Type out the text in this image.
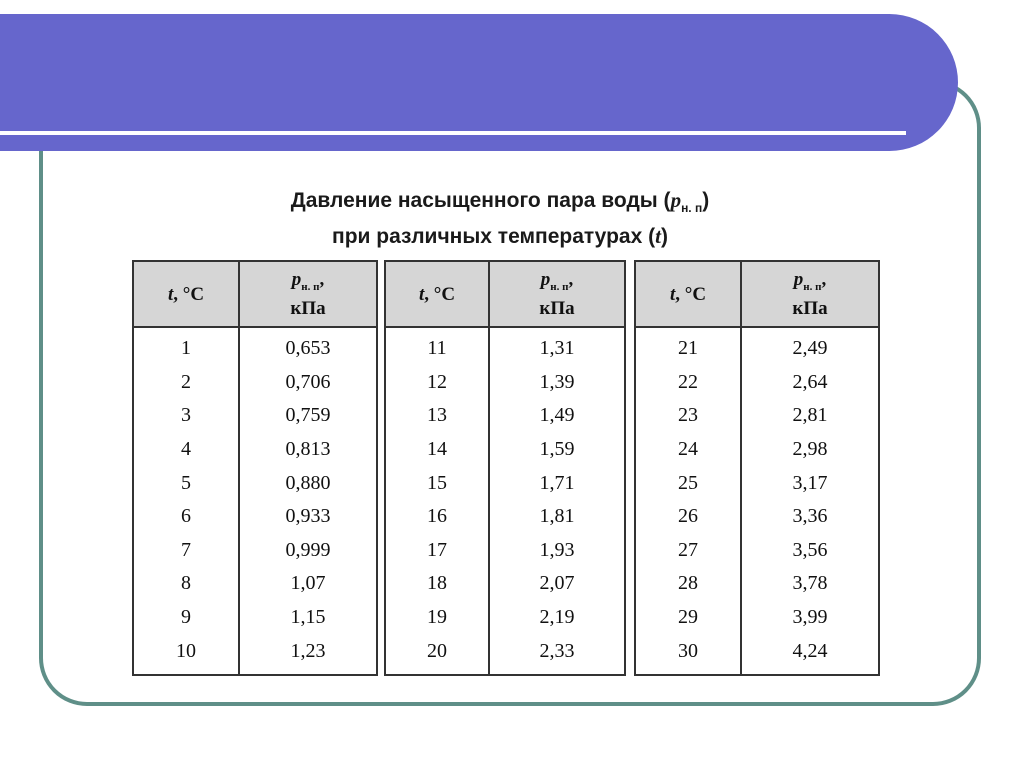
Давление насыщенного пара воды $(p_{н. п})$
при различных температурах (t)
t, °C	$p_{н. п}$,
кПа
1	0,653
2	0,706
3	0,759
4	0,813
5	0,880
6	0,933
7	0,999
8	1,07
9	1,15
10	1,23
t, °C	$p_{н. п}$,
кПа
11	1,31
12	1,39
13	1,49
14	1,59
15	1,71
16	1,81
17	1,93
18	2,07
19	2,19
20	2,33
t, °C	$p_{н. п}$,
кПа
21	2,49
22	2,64
23	2,81
24	2,98
25	3,17
26	3,36
27	3,56
28	3,78
29	3,99
30	4,24
